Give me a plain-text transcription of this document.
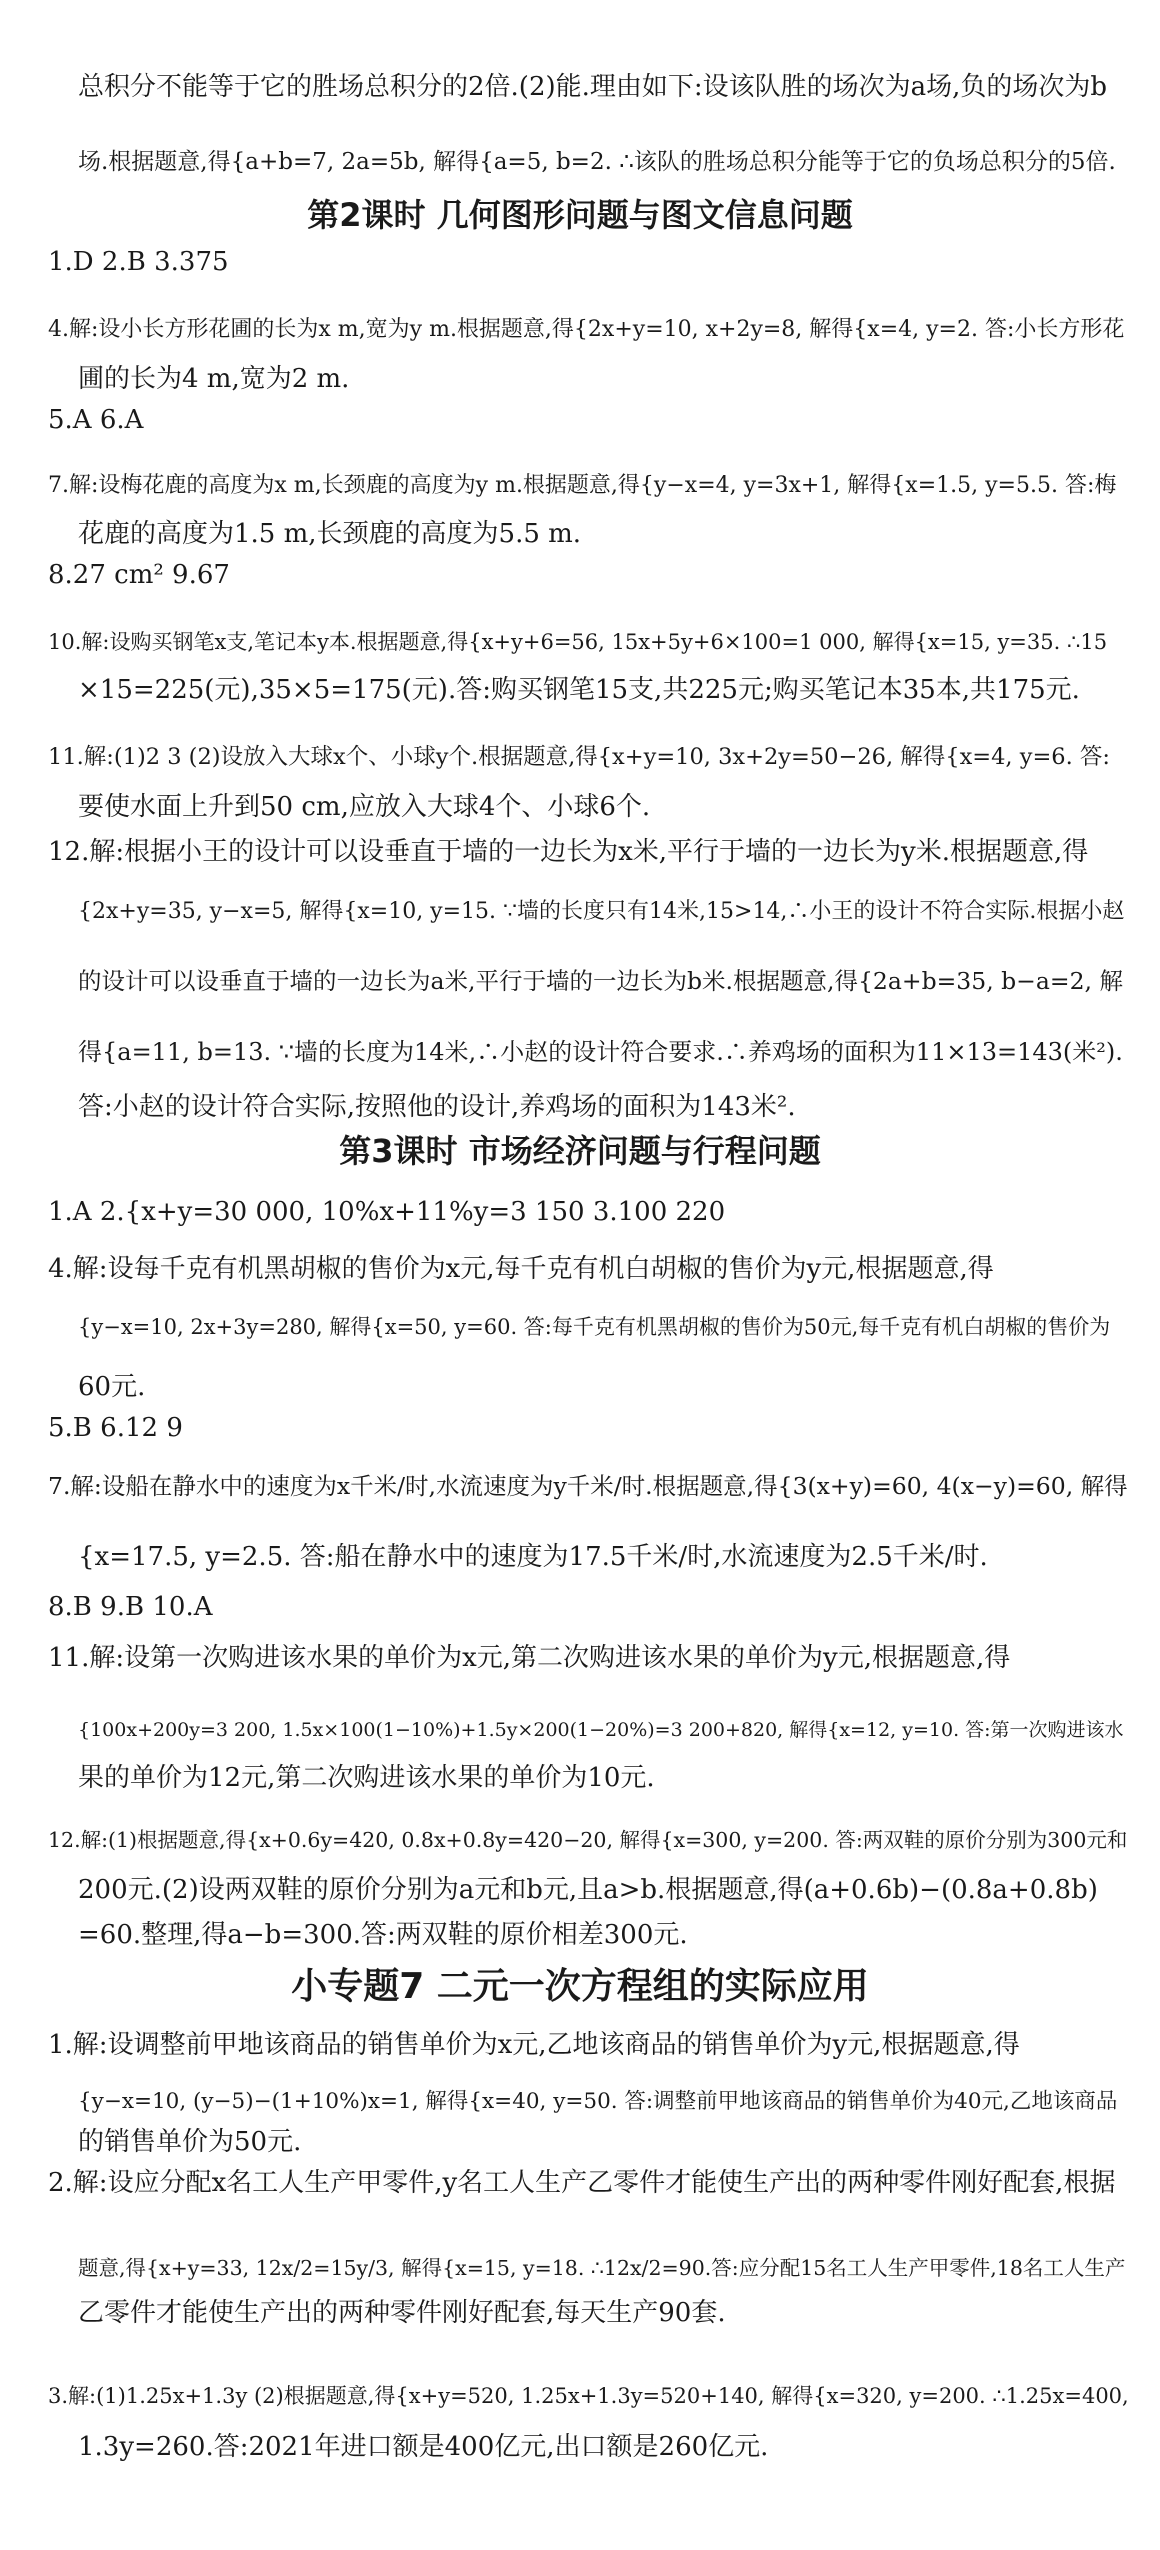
总积分不能等于它的胜场总积分的2倍.(2)能.理由如下:设该队胜的场次为a场,负的场次为b
场.根据题意,得{a+b=7, 2a=5b, 解得{a=5, b=2. ∴该队的胜场总积分能等于它的负场总积分的5倍.
第2课时 几何图形问题与图文信息问题
1.D 2.B 3.375
4.解:设小长方形花圃的长为x m,宽为y m.根据题意,得{2x+y=10, x+2y=8, 解得{x=4, y=2. 答:小长方形花
圃的长为4 m,宽为2 m.
5.A 6.A
7.解:设梅花鹿的高度为x m,长颈鹿的高度为y m.根据题意,得{y−x=4, y=3x+1, 解得{x=1.5, y=5.5. 答:梅
花鹿的高度为1.5 m,长颈鹿的高度为5.5 m.
8.27 cm² 9.67
10.解:设购买钢笔x支,笔记本y本.根据题意,得{x+y+6=56, 15x+5y+6×100=1 000, 解得{x=15, y=35. ∴15
×15=225(元),35×5=175(元).答:购买钢笔15支,共225元;购买笔记本35本,共175元.
11.解:(1)2 3 (2)设放入大球x个、小球y个.根据题意,得{x+y=10, 3x+2y=50−26, 解得{x=4, y=6. 答:
要使水面上升到50 cm,应放入大球4个、小球6个.
12.解:根据小王的设计可以设垂直于墙的一边长为x米,平行于墙的一边长为y米.根据题意,得
{2x+y=35, y−x=5, 解得{x=10, y=15. ∵墙的长度只有14米,15>14,∴小王的设计不符合实际.根据小赵
的设计可以设垂直于墙的一边长为a米,平行于墙的一边长为b米.根据题意,得{2a+b=35, b−a=2, 解
得{a=11, b=13. ∵墙的长度为14米,∴小赵的设计符合要求.∴养鸡场的面积为11×13=143(米²).
答:小赵的设计符合实际,按照他的设计,养鸡场的面积为143米².
第3课时 市场经济问题与行程问题
1.A 2.{x+y=30 000, 10%x+11%y=3 150 3.100 220
4.解:设每千克有机黑胡椒的售价为x元,每千克有机白胡椒的售价为y元,根据题意,得
{y−x=10, 2x+3y=280, 解得{x=50, y=60. 答:每千克有机黑胡椒的售价为50元,每千克有机白胡椒的售价为
60元.
5.B 6.12 9
7.解:设船在静水中的速度为x千米/时,水流速度为y千米/时.根据题意,得{3(x+y)=60, 4(x−y)=60, 解得
{x=17.5, y=2.5. 答:船在静水中的速度为17.5千米/时,水流速度为2.5千米/时.
8.B 9.B 10.A
11.解:设第一次购进该水果的单价为x元,第二次购进该水果的单价为y元,根据题意,得
{100x+200y=3 200, 1.5x×100(1−10%)+1.5y×200(1−20%)=3 200+820, 解得{x=12, y=10. 答:第一次购进该水
果的单价为12元,第二次购进该水果的单价为10元.
12.解:(1)根据题意,得{x+0.6y=420, 0.8x+0.8y=420−20, 解得{x=300, y=200. 答:两双鞋的原价分别为300元和
200元.(2)设两双鞋的原价分别为a元和b元,且a>b.根据题意,得(a+0.6b)−(0.8a+0.8b)
=60.整理,得a−b=300.答:两双鞋的原价相差300元.
小专题7 二元一次方程组的实际应用
1.解:设调整前甲地该商品的销售单价为x元,乙地该商品的销售单价为y元,根据题意,得
{y−x=10, (y−5)−(1+10%)x=1, 解得{x=40, y=50. 答:调整前甲地该商品的销售单价为40元,乙地该商品
的销售单价为50元.
2.解:设应分配x名工人生产甲零件,y名工人生产乙零件才能使生产出的两种零件刚好配套,根据
题意,得{x+y=33, 12x/2=15y/3, 解得{x=15, y=18. ∴12x/2=90.答:应分配15名工人生产甲零件,18名工人生产
乙零件才能使生产出的两种零件刚好配套,每天生产90套.
3.解:(1)1.25x+1.3y (2)根据题意,得{x+y=520, 1.25x+1.3y=520+140, 解得{x=320, y=200. ∴1.25x=400,
1.3y=260.答:2021年进口额是400亿元,出口额是260亿元.
